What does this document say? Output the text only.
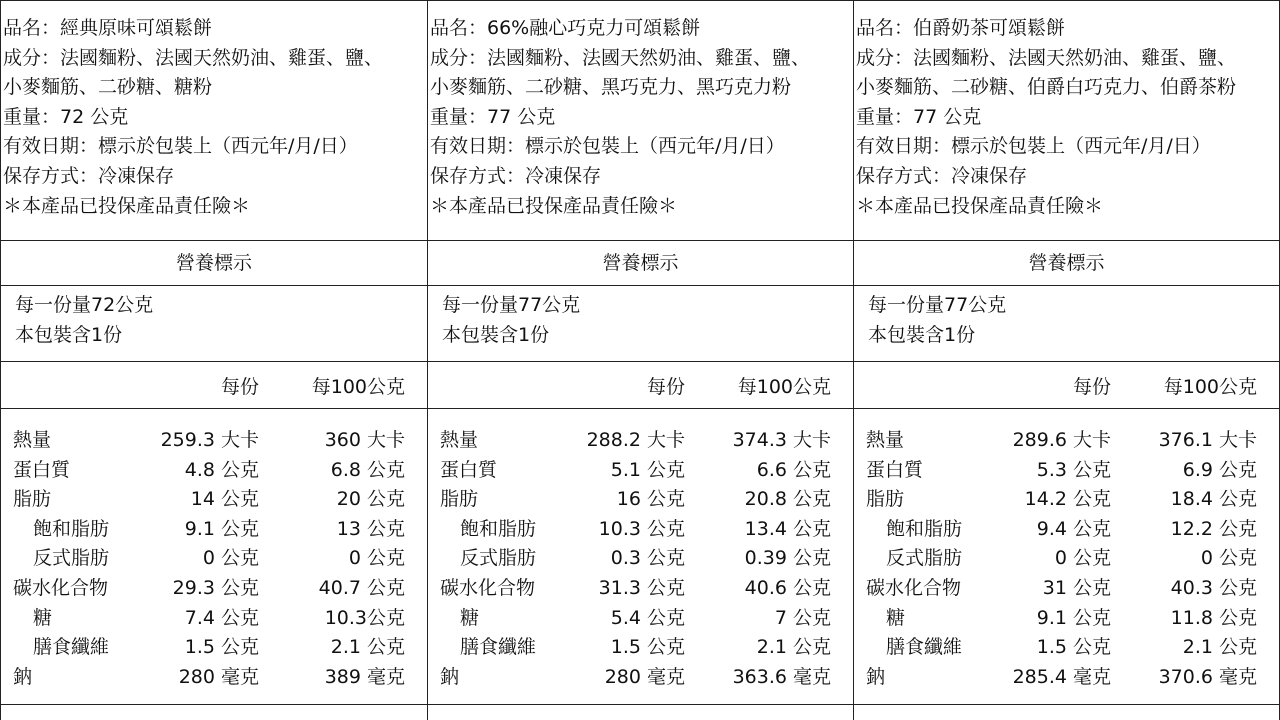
品名：經典原味可頌鬆餅
成分：法國麵粉、法國天然奶油、雞蛋、鹽、
小麥麵筋、二砂糖、糖粉
重量：72 公克
有效日期：標示於包裝上（西元年/月/日）
保存方式：冷凍保存
＊本產品已投保產品責任險＊
營養標示
每一份量72公克
本包裝含1份
每份	每100公克
熱量	259.3 大卡	360 大卡
蛋白質	4.8 公克	6.8 公克
脂肪	14 公克	20 公克
飽和脂肪	9.1 公克	13 公克
反式脂肪	0 公克	0 公克
碳水化合物	29.3 公克	40.7 公克
糖	7.4 公克	10.3公克
膳食纖維	1.5 公克	2.1 公克
鈉	280 毫克	389 毫克
品名：66%融心巧克力可頌鬆餅
成分：法國麵粉、法國天然奶油、雞蛋、鹽、
小麥麵筋、二砂糖、黑巧克力、黑巧克力粉
重量：77 公克
有效日期：標示於包裝上（西元年/月/日）
保存方式：冷凍保存
＊本產品已投保產品責任險＊
營養標示
每一份量77公克
本包裝含1份
每份	每100公克
熱量	288.2 大卡	374.3 大卡
蛋白質	5.1 公克	6.6 公克
脂肪	16 公克	20.8 公克
飽和脂肪	10.3 公克	13.4 公克
反式脂肪	0.3 公克	0.39 公克
碳水化合物	31.3 公克	40.6 公克
糖	5.4 公克	7 公克
膳食纖維	1.5 公克	2.1 公克
鈉	280 毫克	363.6 毫克
品名：伯爵奶茶可頌鬆餅
成分：法國麵粉、法國天然奶油、雞蛋、鹽、
小麥麵筋、二砂糖、伯爵白巧克力、伯爵茶粉
重量：77 公克
有效日期：標示於包裝上（西元年/月/日）
保存方式：冷凍保存
＊本產品已投保產品責任險＊
營養標示
每一份量77公克
本包裝含1份
每份	每100公克
熱量	289.6 大卡	376.1 大卡
蛋白質	5.3 公克	6.9 公克
脂肪	14.2 公克	18.4 公克
飽和脂肪	9.4 公克	12.2 公克
反式脂肪	0 公克	0 公克
碳水化合物	31 公克	40.3 公克
糖	9.1 公克	11.8 公克
膳食纖維	1.5 公克	2.1 公克
鈉	285.4 毫克	370.6 毫克
